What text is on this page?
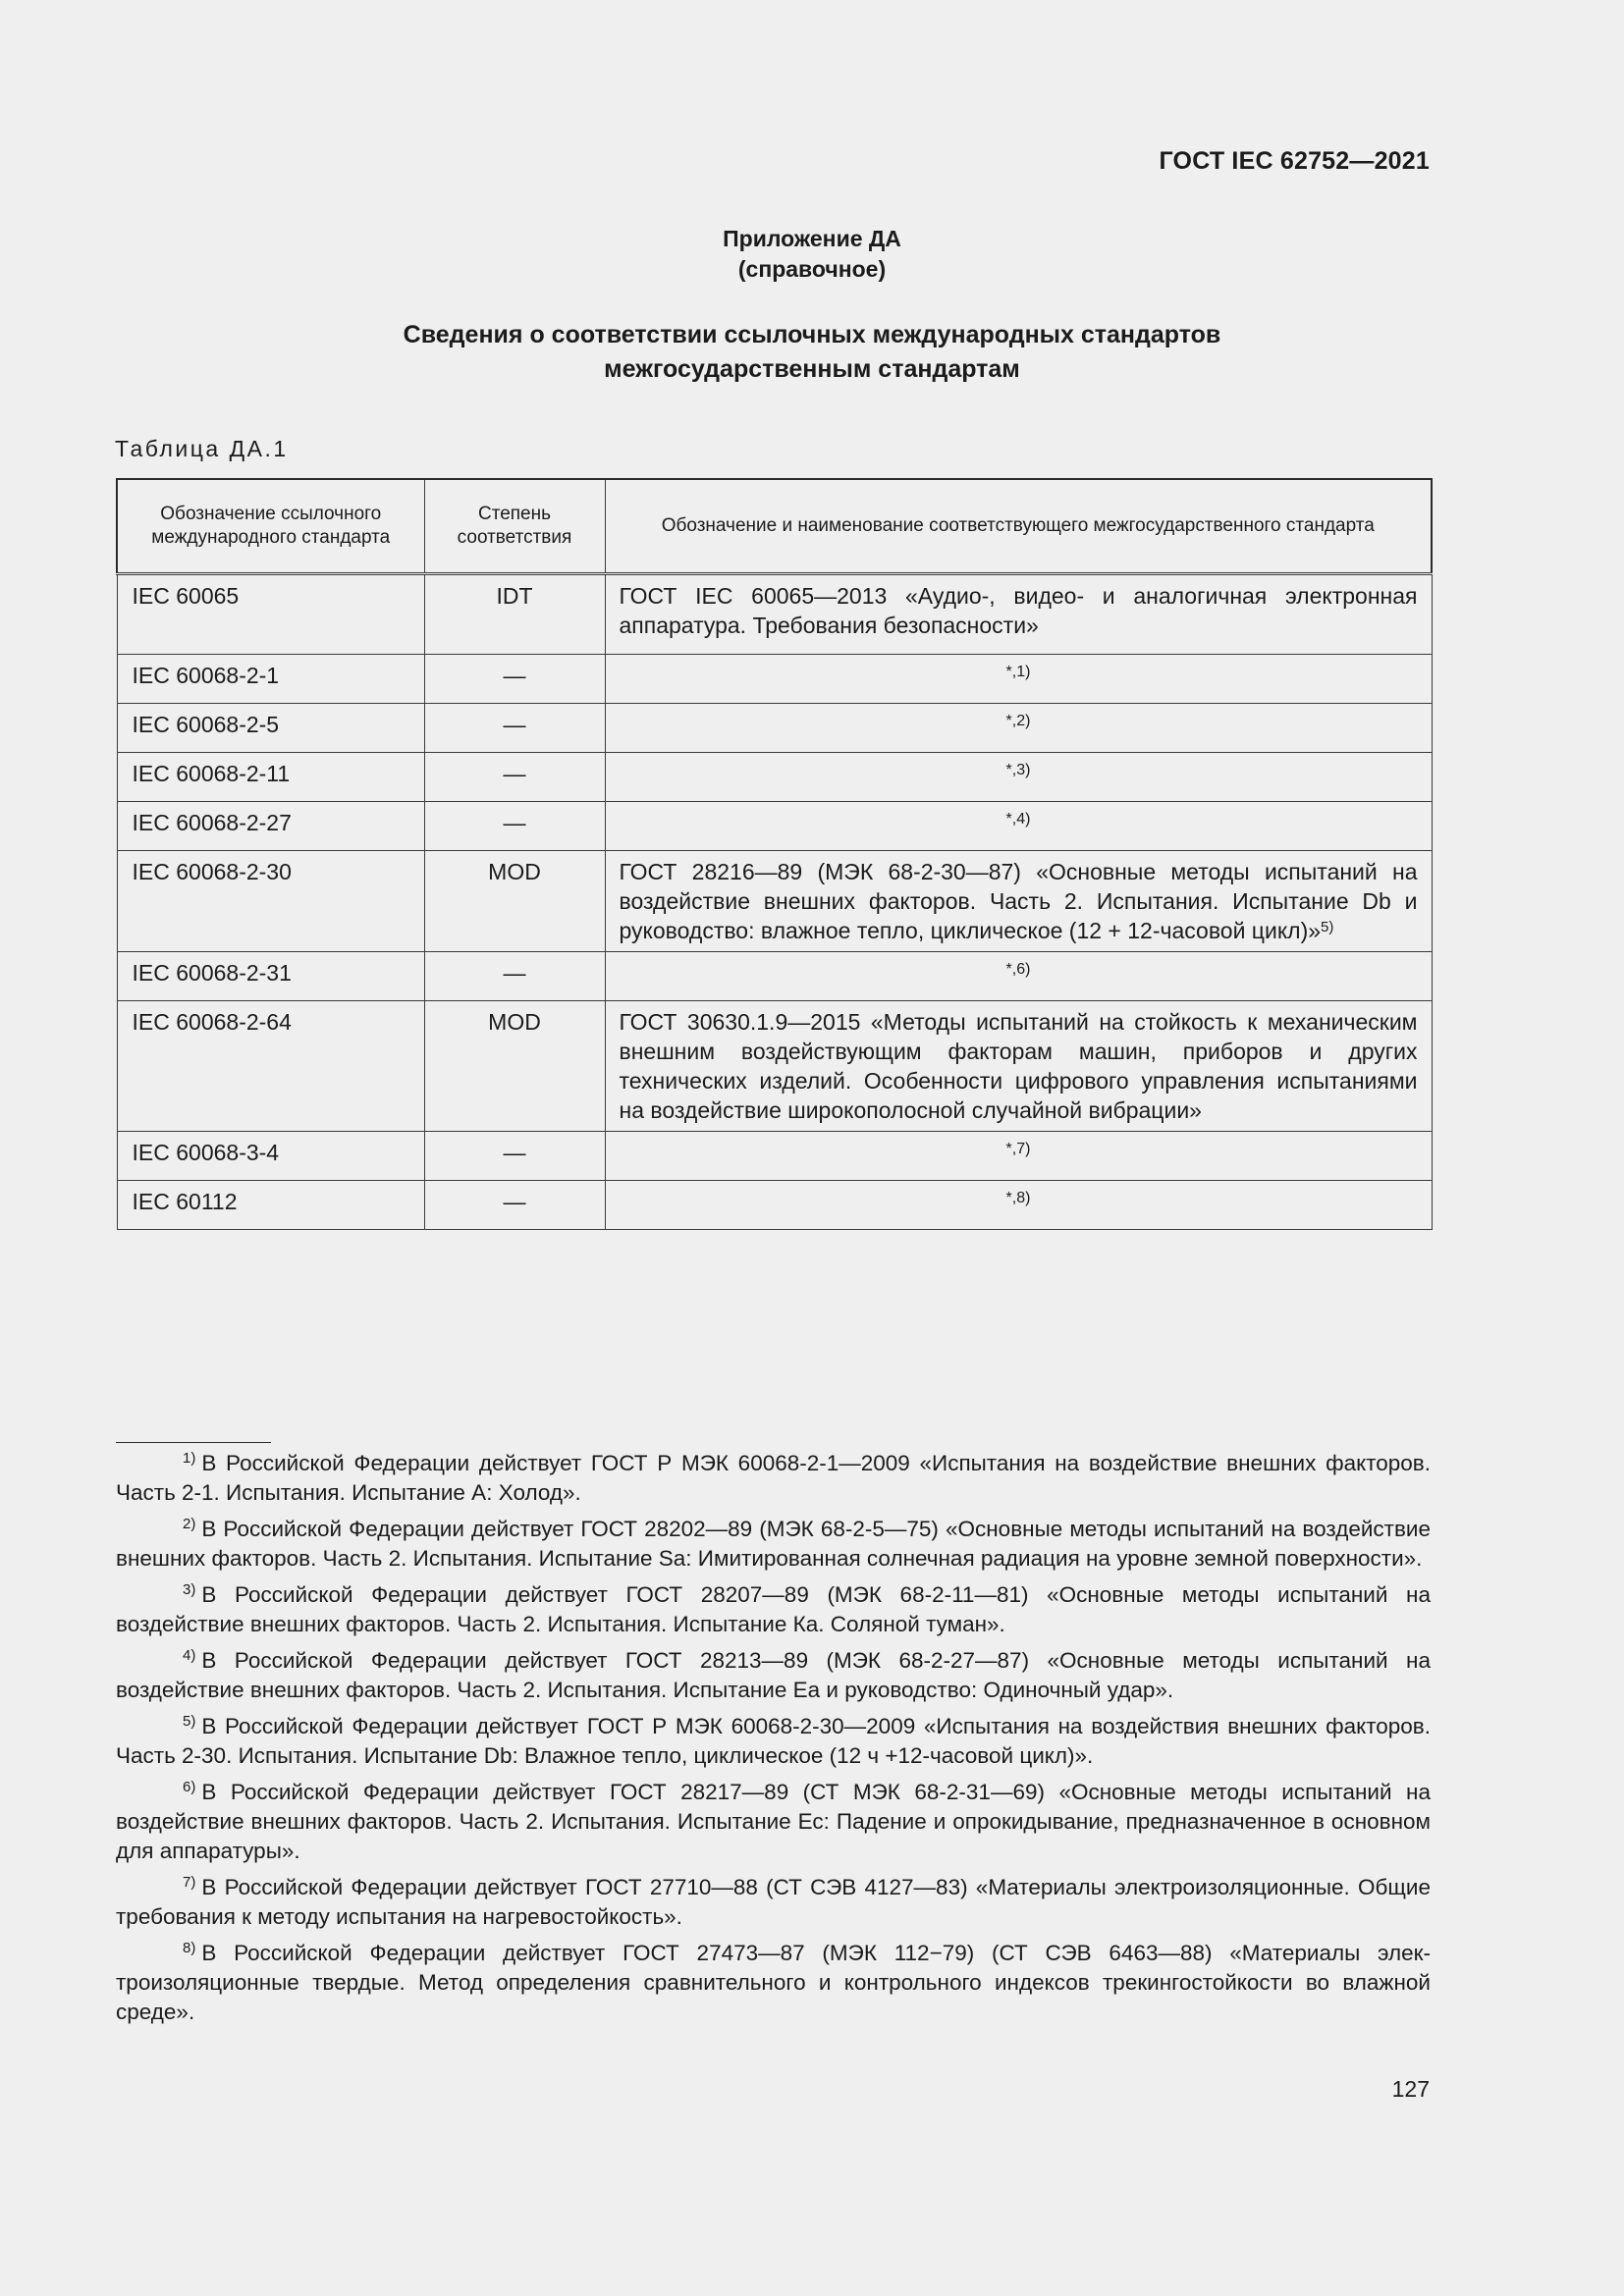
ГОСТ IEC 62752—2021
Приложение ДА
(справочное)
Сведения о соответствии ссылочных международных стандартов
межгосударственным стандартам
Таблица ДА.1
Обозначение ссылочного международного стандарта	Степень соответствия	Обозначение и наименование соответствующего межгосударственного стандарта
IEC 60065	IDT	ГОСТ IEC 60065—2013 «Аудио-, видео- и аналогичная электронная аппаратура. Требования безопасности»
IEC 60068-2-1	—	*,1)
IEC 60068-2-5	—	*,2)
IEC 60068-2-11	—	*,3)
IEC 60068-2-27	—	*,4)
IEC 60068-2-30	MOD	ГОСТ 28216—89 (МЭК 68-2-30—87) «Основные методы испытаний на воздействие внешних факторов. Часть 2. Испытания. Испытание Db и руководство: влажное тепло, циклическое (12 + 12-часовой цикл)»$^{5)}$
IEC 60068-2-31	—	*,6)
IEC 60068-2-64	MOD	ГОСТ 30630.1.9—2015 «Методы испытаний на стойкость к механическим внешним воздействующим факторам машин, приборов и других технических изделий. Особенности цифрового управления испытаниями на воздействие широкополосной случайной вибрации»
IEC 60068-3-4	—	*,7)
IEC 60112	—	*,8)

$^{1)}$ В Российской Федерации действует ГОСТ Р МЭК 60068-2-1—2009 «Испытания на воздействие внешних факторов. Часть 2-1. Испытания. Испытание А: Холод».

$^{2)}$ В Российской Федерации действует ГОСТ 28202—89 (МЭК 68-2-5—75) «Основные методы испытаний на воздействие внешних факторов. Часть 2. Испытания. Испытание Sa: Имитированная солнечная радиация на уровне земной поверхности».

$^{3)}$ В Российской Федерации действует ГОСТ 28207—89 (МЭК 68-2-11—81) «Основные методы испытаний на воздействие внешних факторов. Часть 2. Испытания. Испытание Ка. Соляной туман».

$^{4)}$ В Российской Федерации действует ГОСТ 28213—89 (МЭК 68-2-27—87) «Основные методы испытаний на воздействие внешних факторов. Часть 2. Испытания. Испытание Еа и руководство: Одиночный удар».

$^{5)}$ В Российской Федерации действует ГОСТ Р МЭК 60068-2-30—2009 «Испытания на воздействия внешних факторов. Часть 2-30. Испытания. Испытание Db: Влажное тепло, циклическое (12 ч +12-часовой цикл)».

$^{6)}$ В Российской Федерации действует ГОСТ 28217—89 (СТ МЭК 68-2-31—69) «Основные методы испытаний на воздействие внешних факторов. Часть 2. Испытания. Испытание Ес: Падение и опрокидывание, предназначенное в основном для аппаратуры».

$^{7)}$ В Российской Федерации действует ГОСТ 27710—88 (СТ СЭВ 4127—83) «Материалы электроизоляционные. Общие требования к методу испытания на нагревостойкость».

$^{8)}$ В Российской Федерации действует ГОСТ 27473—87 (МЭК 112−79) (СТ СЭВ 6463—88) «Материалы электроизоляционные твердые. Метод определения сравнительного и контрольного индексов трекингостойкости во влажной среде».

127
